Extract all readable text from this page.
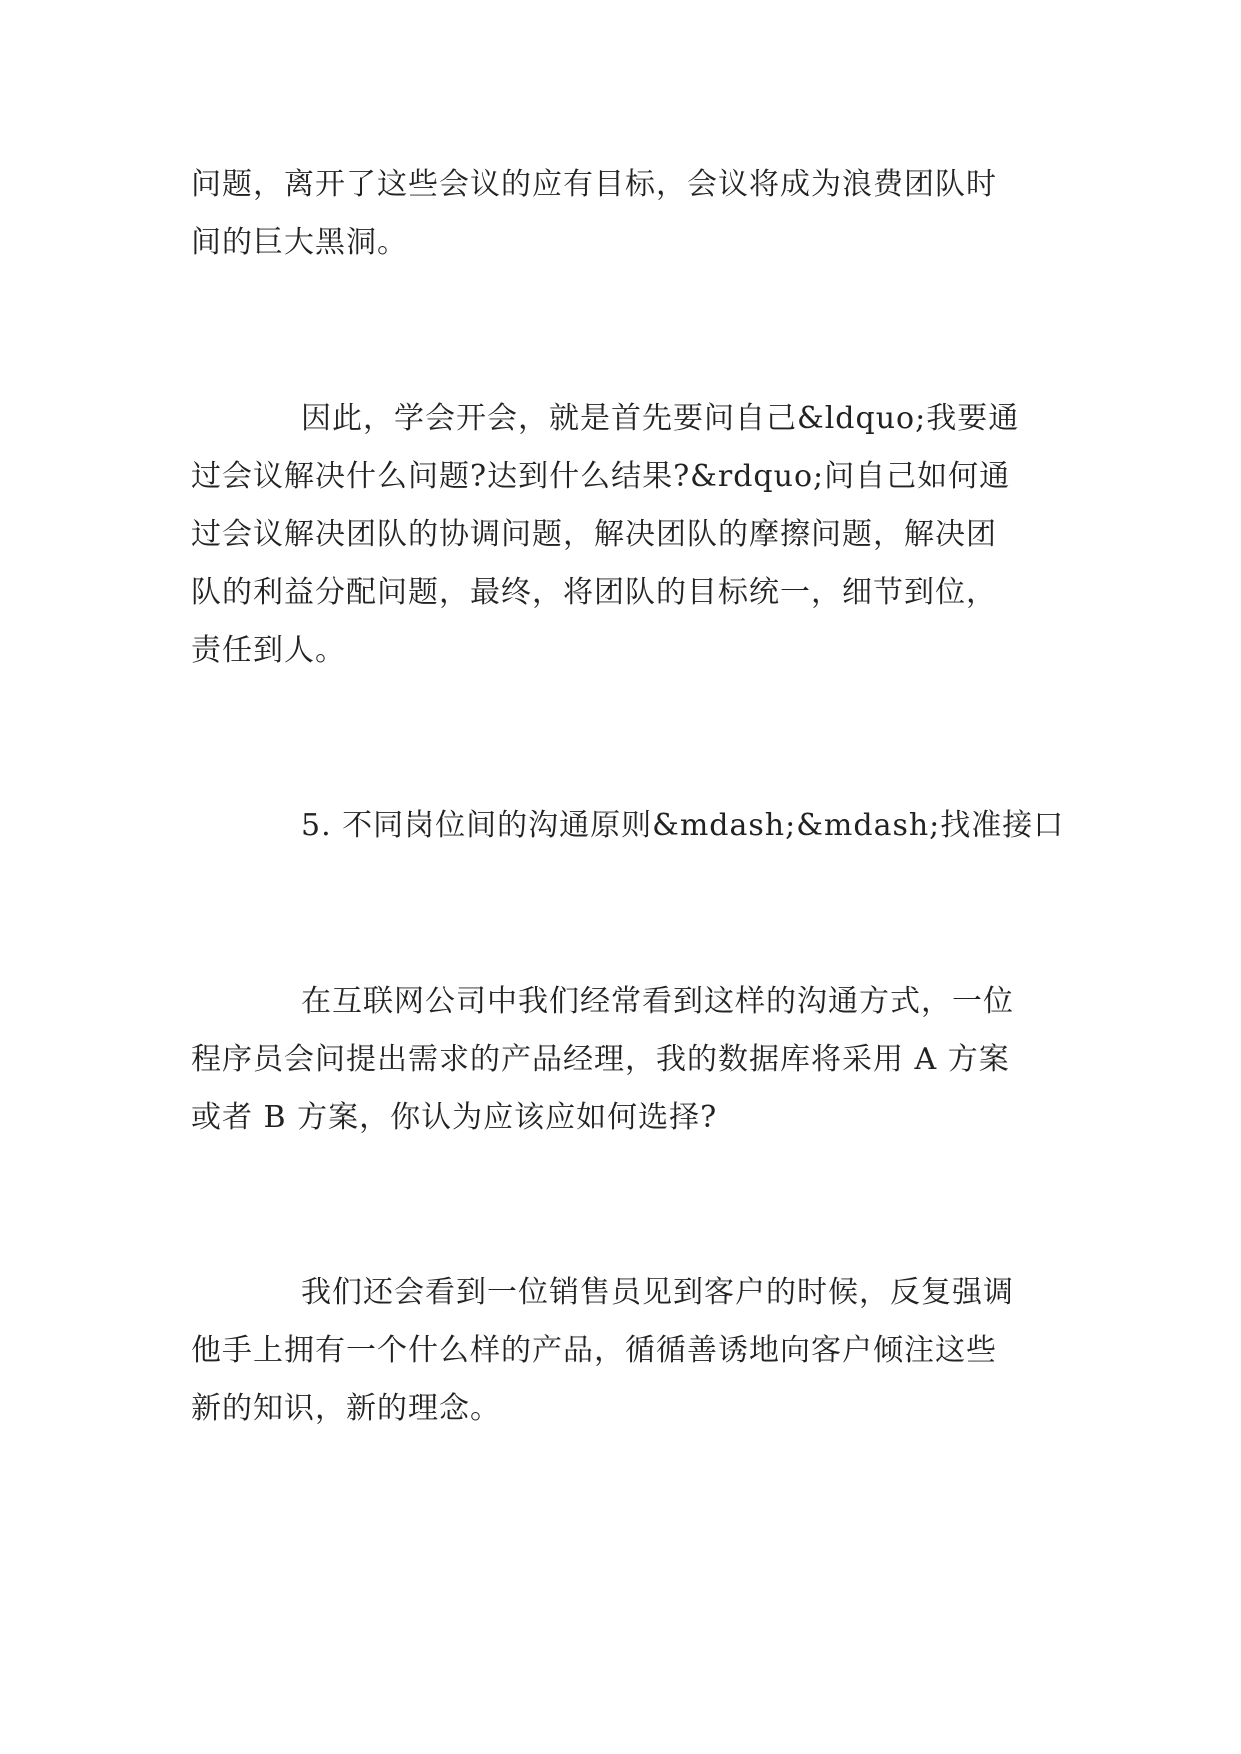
问题，离开了这些会议的应有目标，会议将成为浪费团队时
间的巨大黑洞。
因此，学会开会，就是首先要问自己&ldquo;我要通
过会议解决什么问题?达到什么结果?&rdquo;问自己如何通
过会议解决团队的协调问题，解决团队的摩擦问题，解决团
队的利益分配问题，最终，将团队的目标统一，细节到位，
责任到人。
5. 不同岗位间的沟通原则&mdash;&mdash;找准接口
在互联网公司中我们经常看到这样的沟通方式，一位
程序员会问提出需求的产品经理，我的数据库将采用 A 方案
或者 B 方案，你认为应该应如何选择?
我们还会看到一位销售员见到客户的时候，反复强调
他手上拥有一个什么样的产品，循循善诱地向客户倾注这些
新的知识，新的理念。
